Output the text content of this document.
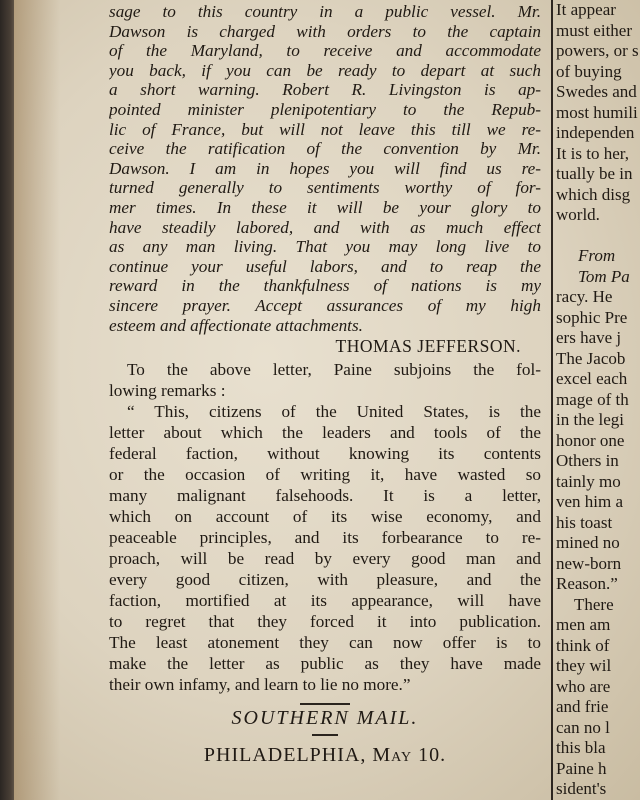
sage to this country in a public vessel. Mr.
Dawson is charged with orders to the captain
of the Maryland, to receive and accommodate
you back, if you can be ready to depart at such
a short warning. Robert R. Livingston is ap-
pointed minister plenipotentiary to the Repub-
lic of France, but will not leave this till we re-
ceive the ratification of the convention by Mr.
Dawson. I am in hopes you will find us re-
turned generally to sentiments worthy of for-
mer times. In these it will be your glory to
have steadily labored, and with as much effect
as any man living. That you may long live to
continue your useful labors, and to reap the
reward in the thankfulness of nations is my
sincere prayer. Accept assurances of my high
esteem and affectionate attachments.
THOMAS JEFFERSON.
To the above letter, Paine subjoins the fol-
lowing remarks :
“ This, citizens of the United States, is the
letter about which the leaders and tools of the
federal faction, without knowing its contents
or the occasion of writing it, have wasted so
many malignant falsehoods. It is a letter,
which on account of its wise economy, and
peaceable principles, and its forbearance to re-
proach, will be read by every good man and
every good citizen, with pleasure, and the
faction, mortified at its appearance, will have
to regret that they forced it into publication.
The least atonement they can now offer is to
make the letter as public as they have made
their own infamy, and learn to lie no more.”
SOUTHERN MAIL.
PHILADELPHIA, May 10.
It appear
must either
powers, or s
of buying
Swedes and
most humili
independen
It is to her,
tually be in
which disg
world.
From
Tom Pa
racy. He
sophic Pre
ers have j
The Jacob
excel each
mage of th
in the legi
honor one
Others in
tainly mo
ven him a
his toast
mined no
new-born
Reason.”
There
men am
think of
they wil
who are
and frie
can no l
this bla
Paine h
sident's
